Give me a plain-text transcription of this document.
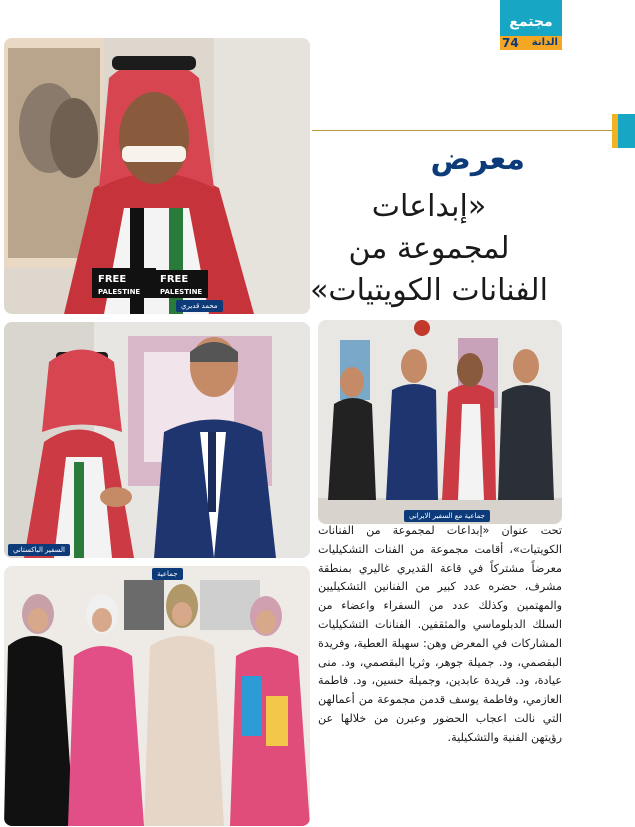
مجتمع
74 الدانة
معرض
«إبداعات
لمجموعة من
الفنانات الكويتيات»
FREE
PALESTINE
FREE
PALESTINE
محمد قديري
السفير الباكستاني
جماعية مع السفير الايراني
جماعية
تحت عنوان «إبداعات لمجموعة من الفنانات الكويتيات»، أقامت مجموعة من الفنات التشكيليات معرضاً مشتركاً في قاعة القديري غاليري بمنطقة مشرف، حضره عدد كبير من الفنانين التشكيليين والمهتمين وكذلك عدد من السفراء واعضاء من السلك الدبلوماسي والمثقفين. الفنانات التشكيليات المشاركات في المعرض وهن: سهيلة العطية، وفريدة البقصمي، ود. جميلة جوهر، وثريا البقصمي، ود. منى عيادة، ود. فريدة عابدين، وجميلة حسين، ود. فاطمة العازمي، وفاطمة يوسف قدمن مجموعة من أعمالهن التي نالت اعجاب الحضور وعبرن من خلالها عن رؤيتهن الفنية والتشكيلية.
